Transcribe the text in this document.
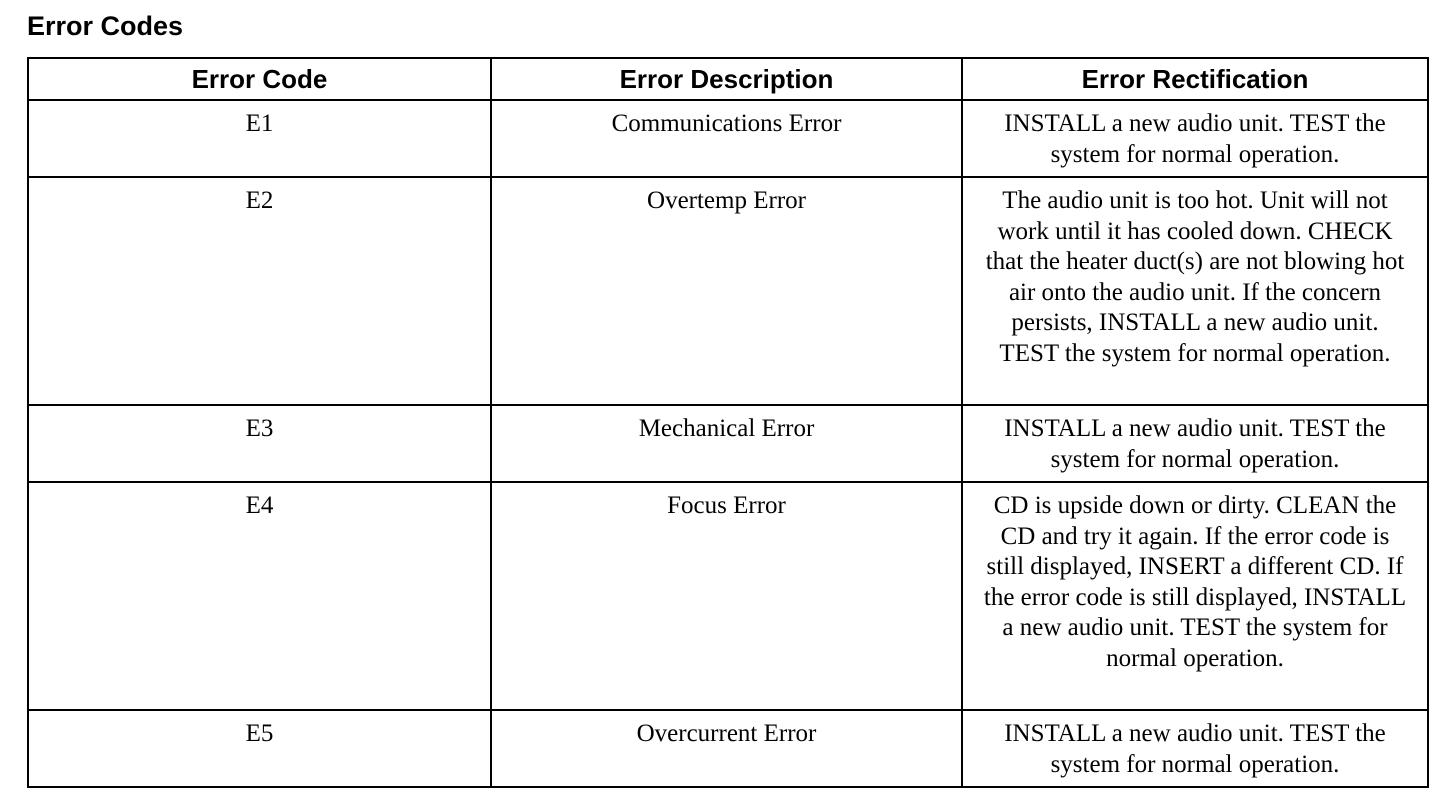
Error Codes
Error Code	Error Description	Error Rectification
E1	Communications Error	INSTALL a new audio unit. TEST the system for normal operation.
E2	Overtemp Error	The audio unit is too hot. Unit will not work until it has cooled down. CHECK that the heater duct(s) are not blowing hot air onto the audio unit. If the concern persists, INSTALL a new audio unit. TEST the system for normal operation.
E3	Mechanical Error	INSTALL a new audio unit. TEST the system for normal operation.
E4	Focus Error	CD is upside down or dirty. CLEAN the CD and try it again. If the error code is still displayed, INSERT a different CD. If the error code is still displayed, INSTALL a new audio unit. TEST the system for normal operation.
E5	Overcurrent Error	INSTALL a new audio unit. TEST the system for normal operation.
